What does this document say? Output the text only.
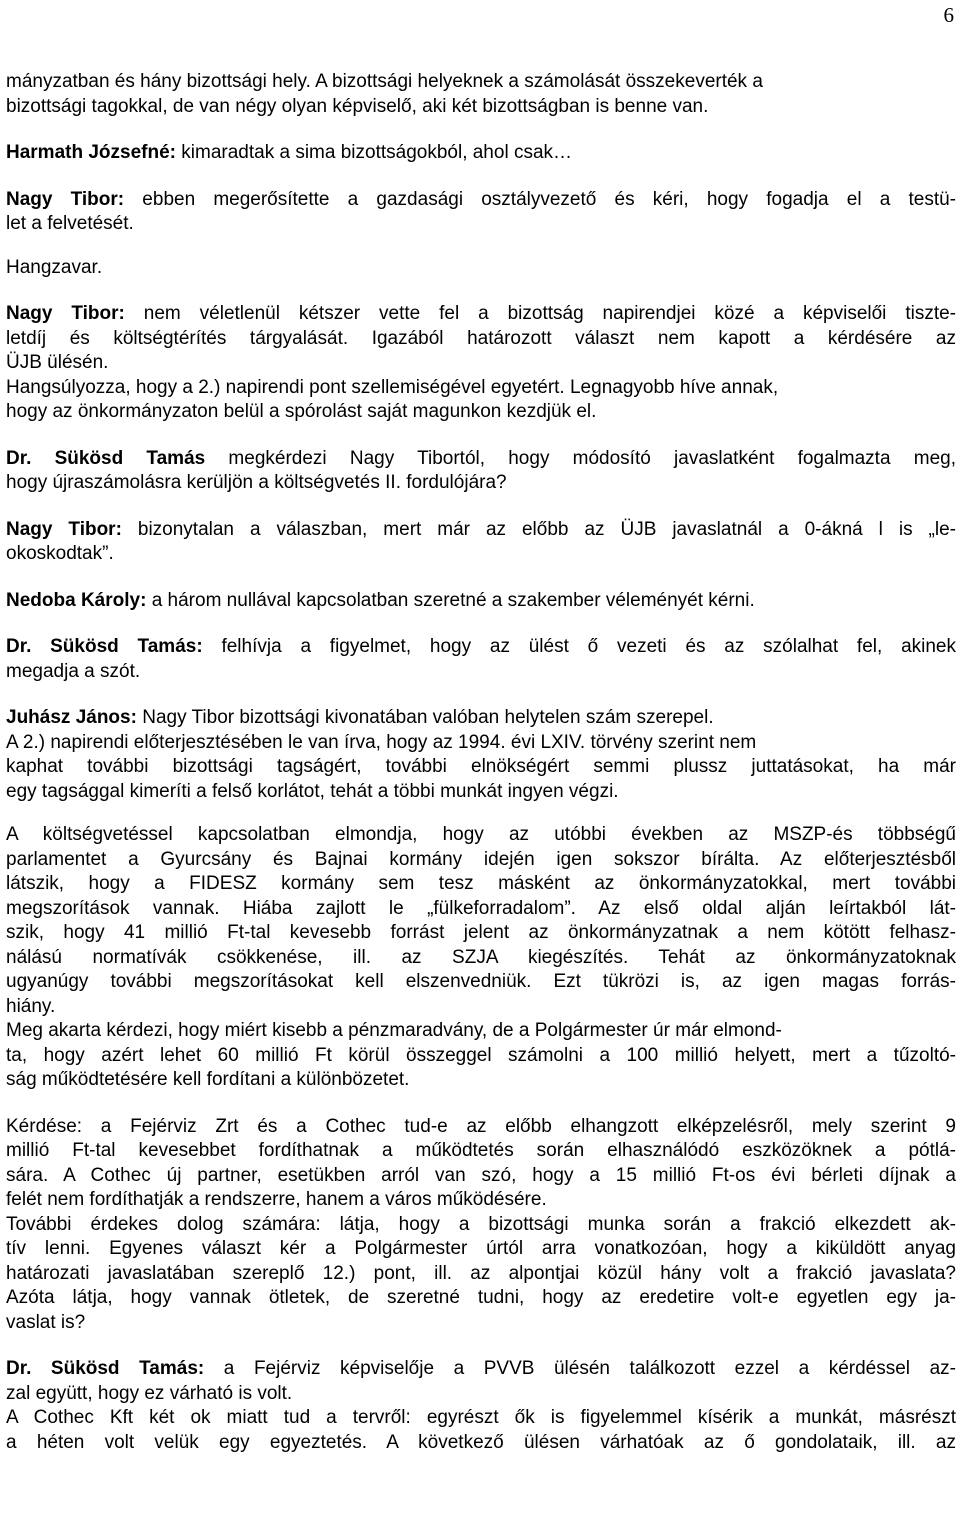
6
mányzatban és hány bizottsági hely. A bizottsági helyeknek a számolását összekeverték a
bizottsági tagokkal, de van négy olyan képviselő, aki két bizottságban is benne van.
Harmath Józsefné: kimaradtak a sima bizottságokból, ahol csak…
Nagy Tibor: ebben megerősítette a gazdasági osztályvezető és kéri, hogy fogadja el a testü-
let a felvetését.
Hangzavar.
Nagy Tibor: nem véletlenül kétszer vette fel a bizottság napirendjei közé a képviselői tiszte-
letdíj és költségtérítés tárgyalását. Igazából határozott választ nem kapott a kérdésére az
ÜJB ülésén.
Hangsúlyozza, hogy a 2.) napirendi pont szellemiségével egyetért. Legnagyobb híve annak,
hogy az önkormányzaton belül a spórolást saját magunkon kezdjük el.
Dr. Sükösd Tamás megkérdezi Nagy Tibortól, hogy módosító javaslatként fogalmazta meg,
hogy újraszámolásra kerüljön a költségvetés II. fordulójára?
Nagy Tibor: bizonytalan a válaszban, mert már az előbb az ÜJB javaslatnál a 0-ákná l is „le-
okoskodtak”.
Nedoba Károly: a három nullával kapcsolatban szeretné a szakember véleményét kérni.
Dr. Sükösd Tamás: felhívja a figyelmet, hogy az ülést ő vezeti és az szólalhat fel, akinek
megadja a szót.
Juhász János: Nagy Tibor bizottsági kivonatában valóban helytelen szám szerepel.
A 2.) napirendi előterjesztésében le van írva, hogy az 1994. évi LXIV. törvény szerint nem
kaphat további bizottsági tagságért, további elnökségért semmi plussz juttatásokat, ha már
egy tagsággal kimeríti a felső korlátot, tehát a többi munkát ingyen végzi.
A költségvetéssel kapcsolatban elmondja, hogy az utóbbi években az MSZP-és többségű
parlamentet a Gyurcsány és Bajnai kormány idején igen sokszor bírálta. Az előterjesztésből
látszik, hogy a FIDESZ kormány sem tesz másként az önkormányzatokkal, mert további
megszorítások vannak. Hiába zajlott le „fülkeforradalom”. Az első oldal alján leírtakból lát-
szik, hogy 41 millió Ft-tal kevesebb forrást jelent az önkormányzatnak a nem kötött felhasz-
nálású normatívák csökkenése, ill. az SZJA kiegészítés. Tehát az önkormányzatoknak
ugyanúgy további megszorításokat kell elszenvedniük. Ezt tükrözi is, az igen magas forrás-
hiány.
Meg akarta kérdezi, hogy miért kisebb a pénzmaradvány, de a Polgármester úr már elmond-
ta, hogy azért lehet 60 millió Ft körül összeggel számolni a 100 millió helyett, mert a tűzoltó-
ság működtetésére kell fordítani a különbözetet.
Kérdése: a Fejérviz Zrt és a Cothec tud-e az előbb elhangzott elképzelésről, mely szerint 9
millió Ft-tal kevesebbet fordíthatnak a működtetés során elhasználódó eszközöknek a pótlá-
sára. A Cothec új partner, esetükben arról van szó, hogy a 15 millió Ft-os évi bérleti díjnak a
felét nem fordíthatják a rendszerre, hanem a város működésére.
További érdekes dolog számára: látja, hogy a bizottsági munka során a frakció elkezdett ak-
tív lenni. Egyenes választ kér a Polgármester úrtól arra vonatkozóan, hogy a kiküldött anyag
határozati javaslatában szereplő 12.) pont, ill. az alpontjai közül hány volt a frakció javaslata?
Azóta látja, hogy vannak ötletek, de szeretné tudni, hogy az eredetire volt-e egyetlen egy ja-
vaslat is?
Dr. Sükösd Tamás: a Fejérviz képviselője a PVVB ülésén találkozott ezzel a kérdéssel az-
zal együtt, hogy ez várható is volt.
A Cothec Kft két ok miatt tud a tervről: egyrészt ők is figyelemmel kísérik a munkát, másrészt
a héten volt velük egy egyeztetés. A következő ülésen várhatóak az ő gondolataik, ill. az
